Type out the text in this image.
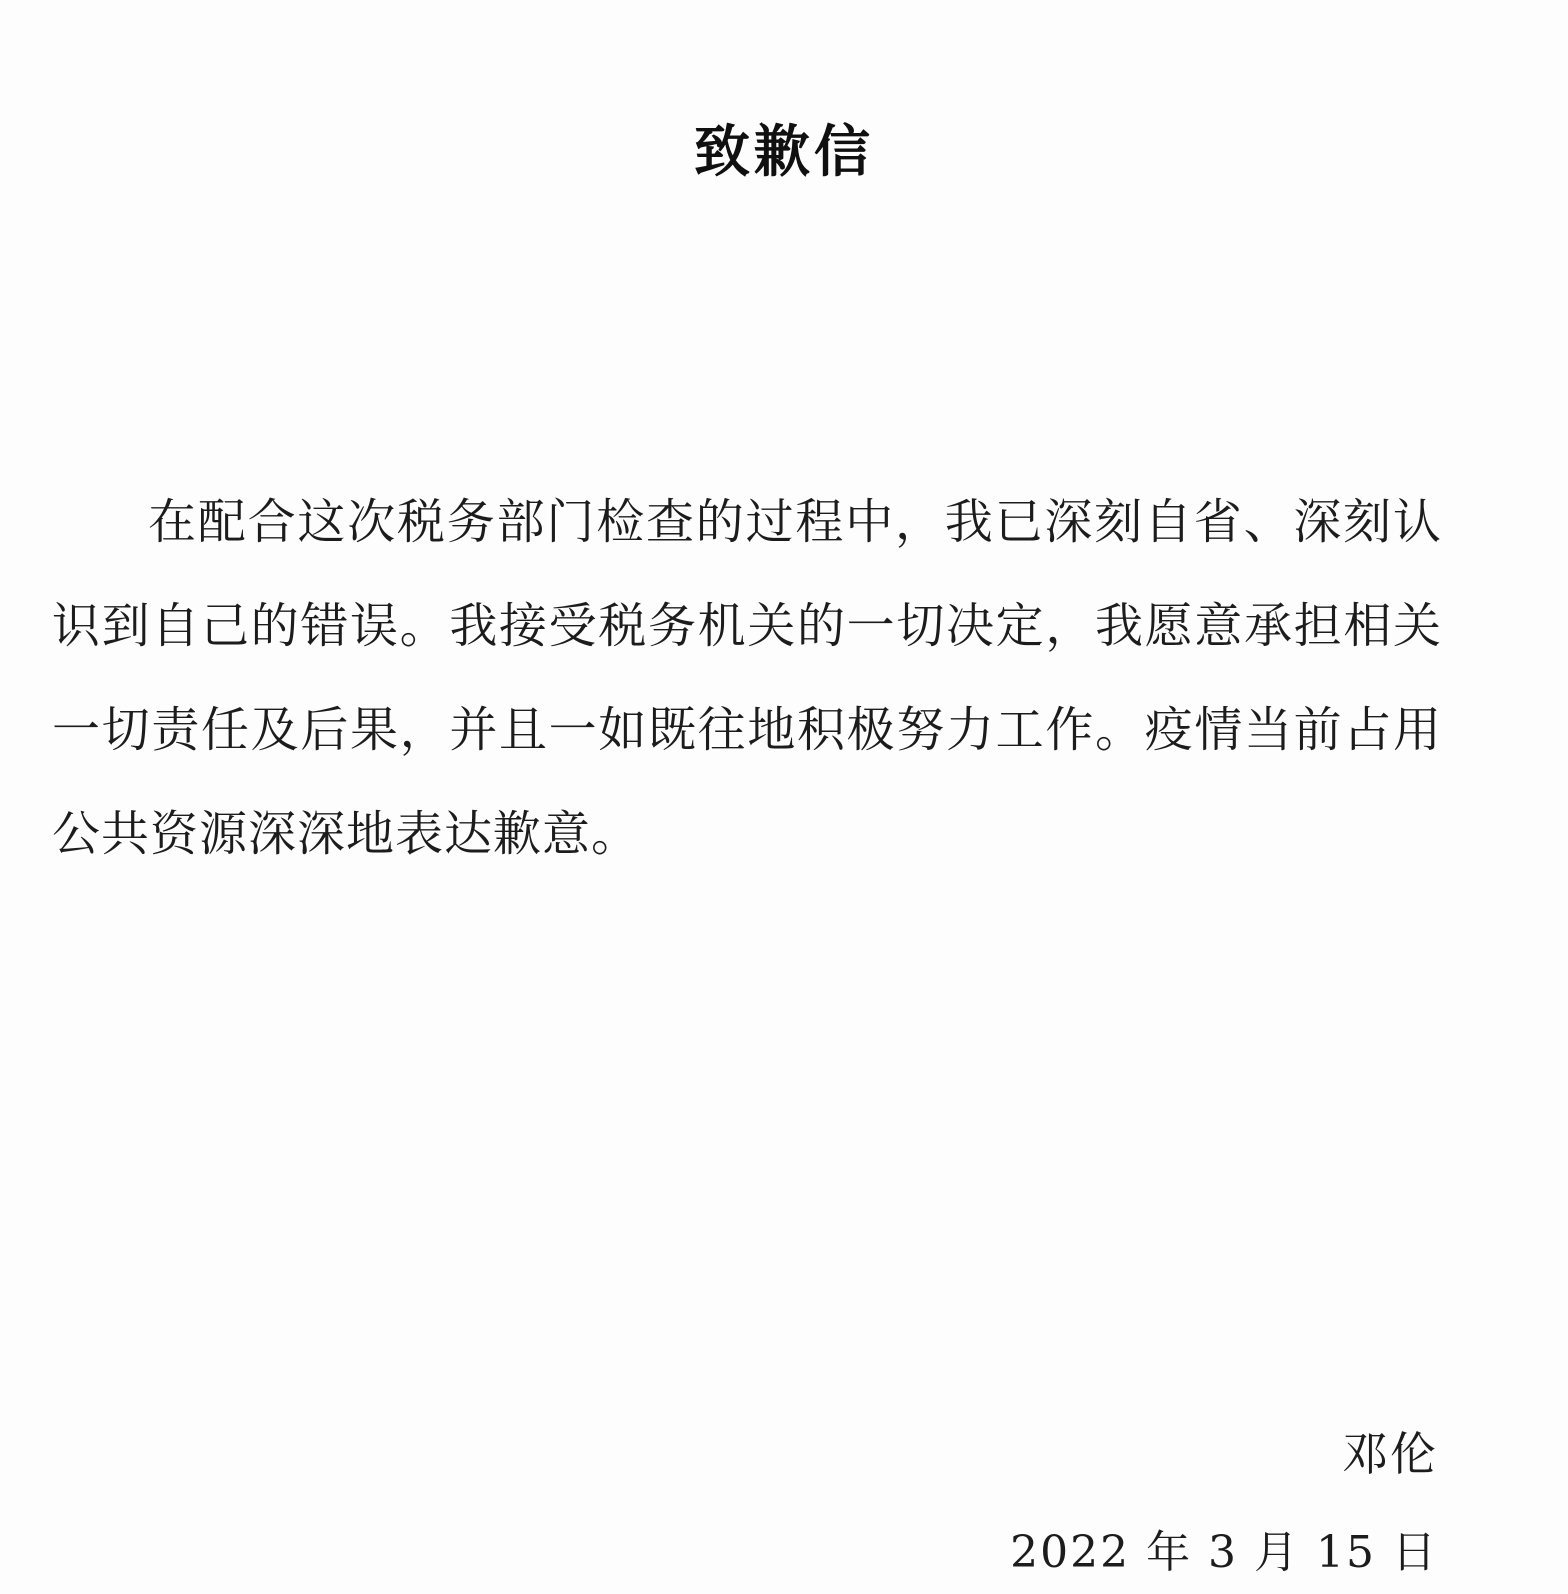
致歉信

在配合这次税务部门检查的过程中，我已深刻自省、深刻认识到自己的错误。我接受税务机关的一切决定，我愿意承担相关一切责任及后果，并且一如既往地积极努力工作。疫情当前占用公共资源深深地表达歉意。

邓伦
2022 年 3 月 15 日
